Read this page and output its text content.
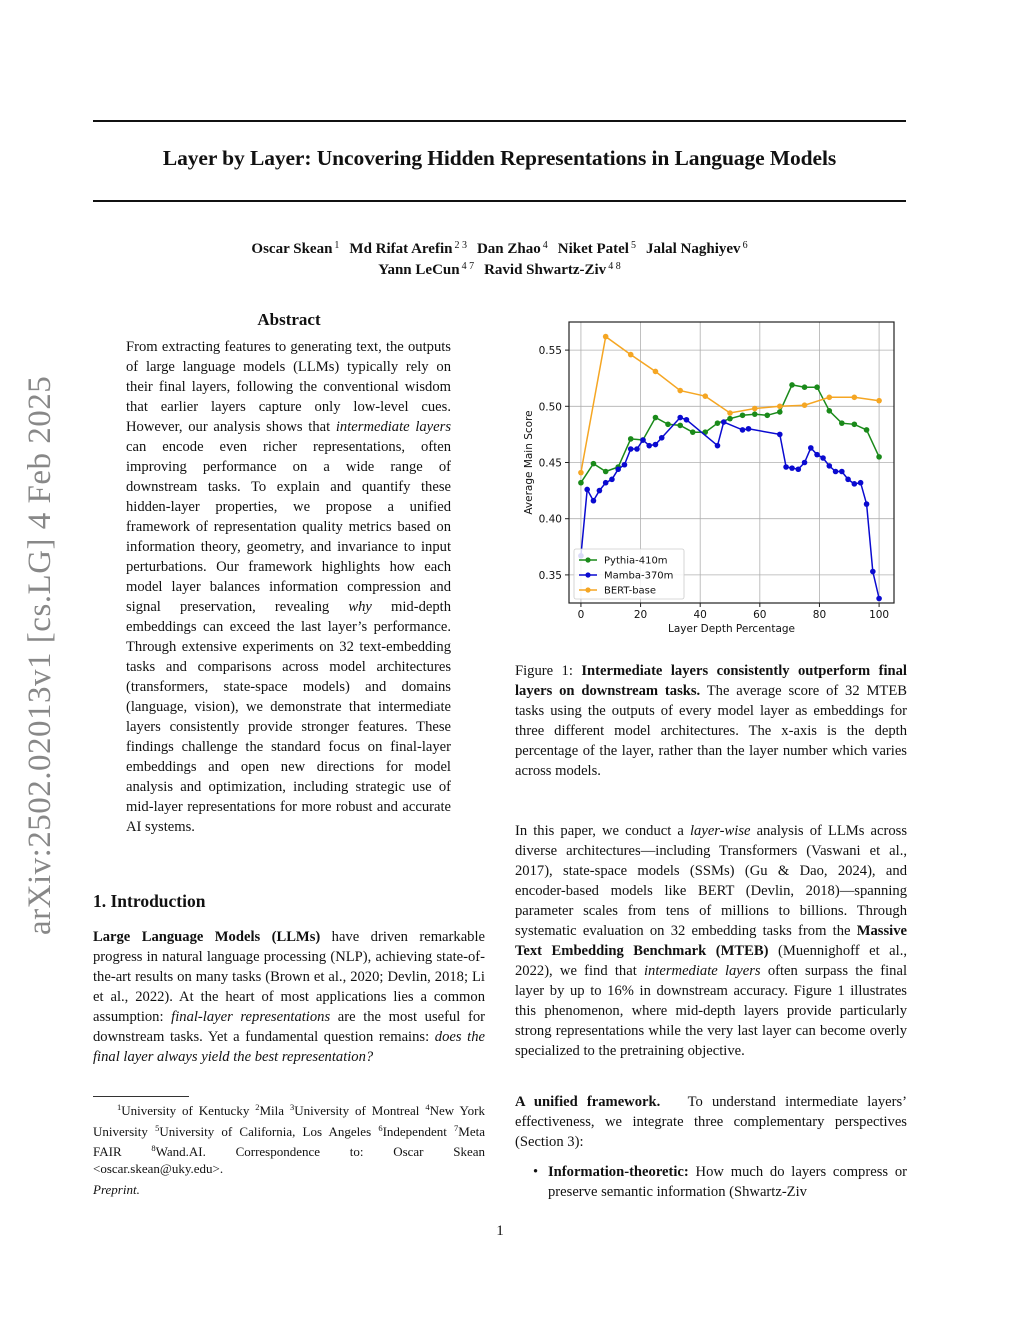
Layer by Layer: Uncovering Hidden Representations in Language Models
Oscar Skean $^1$ Md Rifat Arefin $^{2 3}$ Dan Zhao $^4$ Niket Patel $^5$ Jalal Naghiyev $^6$
Yann LeCun $^{4 7}$ Ravid Shwartz-Ziv $^{4 8}$
arXiv:2502.02013v1 [cs.LG] 4 Feb 2025
Abstract
From extracting features to generating text, the outputs of large language models (LLMs) typically rely on their final layers, following the conventional wisdom that earlier layers capture only low-level cues. However, our analysis shows that intermediate layers can encode even richer representations, often improving performance on a wide range of downstream tasks. To explain and quantify these hidden-layer properties, we propose a unified framework of representation quality metrics based on information theory, geometry, and invariance to input perturbations. Our framework highlights how each model layer balances information compression and signal preservation, revealing why mid-depth embeddings can exceed the last layer’s performance. Through extensive experiments on 32 text-embedding tasks and comparisons across model architectures (transformers, state-space models) and domains (language, vision), we demonstrate that intermediate layers consistently provide stronger features. These findings challenge the standard focus on final-layer embeddings and open new directions for model analysis and optimization, including strategic use of mid-layer representations for more robust and accurate AI systems.
1. Introduction
Large Language Models (LLMs) have driven remarkable progress in natural language processing (NLP), achieving state-of-the-art results on many tasks (Brown et al., 2020; Devlin, 2018; Li et al., 2022). At the heart of most applications lies a common assumption: final-layer representations are the most useful for downstream tasks. Yet a fundamental question remains: does the final layer always yield the best representation?
$^1$University of Kentucky $^2$Mila $^3$University of Montreal $^4$New York University $^5$University of California, Los Angeles $^6$Independent $^7$Meta FAIR $^8$Wand.AI. Correspondence to: Oscar Skean <oscar.skean@uky.edu>.
Preprint.
0	20	40	60	80	100
0.35
0.40
0.45
0.50
0.55
Layer Depth Percentage
Average Main Score
Pythia-410m
Mamba-370m
BERT-base
Figure 1: Intermediate layers consistently outperform final layers on downstream tasks. The average score of 32 MTEB tasks using the outputs of every model layer as embeddings for three different model architectures. The x-axis is the depth percentage of the layer, rather than the layer number which varies across models.
In this paper, we conduct a layer-wise analysis of LLMs across diverse architectures—including Transformers (Vaswani et al., 2017), state-space models (SSMs) (Gu & Dao, 2024), and encoder-based models like BERT (Devlin, 2018)—spanning parameter scales from tens of millions to billions. Through systematic evaluation on 32 embedding tasks from the Massive Text Embedding Benchmark (MTEB) (Muennighoff et al., 2022), we find that intermediate layers often surpass the final layer by up to 16% in downstream accuracy. Figure 1 illustrates this phenomenon, where mid-depth layers provide particularly strong representations while the very last layer can become overly specialized to the pretraining objective.
A unified framework.   To understand intermediate layers’ effectiveness, we integrate three complementary perspectives (Section 3):
• Information-theoretic: How much do layers compress or preserve semantic information (Shwartz-Ziv
1
